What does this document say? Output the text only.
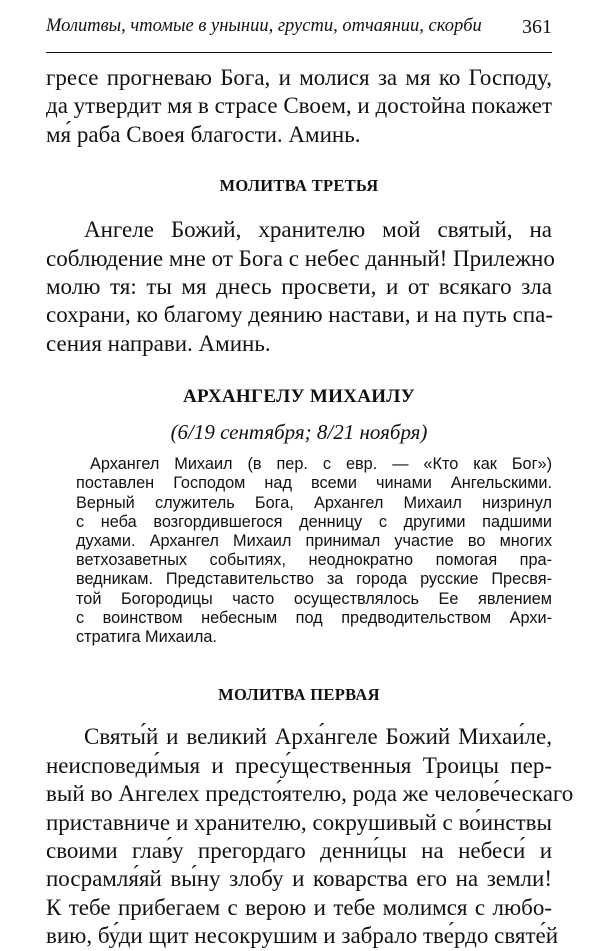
Молитвы, чтомые в унынии, грусти, отчаянии, скорби 361

гресе прогневаю Бога, и молися за мя ко Господу,
да утвердит мя в страсе Своем, и достойна покажет
мя́ раба Своея благости. Аминь.

МОЛИТВА ТРЕТЬЯ

Ангеле Божий, хранителю мой святый, на
соблюдение мне от Бога с небес данный! Прилежно
молю тя: ты мя днесь просвети, и от всякаго зла
сохрани, ко благому деянию настави, и на путь спа-
сения направи. Аминь.

АРХАНГЕЛУ МИХАИЛУ

(6/19 сентября; 8/21 ноября)

Архангел Михаил (в пер. с евр. — «Кто как Бог»)
поставлен Господом над всеми чинами Ангельскими.
Верный служитель Бога, Архангел Михаил низринул
с неба возгордившегося денницу с другими падшими
духами. Архангел Михаил принимал участие во многих
ветхозаветных событиях, неоднократно помогая пра-
ведникам. Представительство за города русские Пресвя-
той Богородицы часто осуществлялось Ее явлением
с воинством небесным под предводительством Архи-
стратига Михаила.

МОЛИТВА ПЕРВАЯ

Святы́й и великий Арха́нгеле Божий Михаи́ле,
неисповеди́мыя и пресу́щественныя Троицы пер-
вый во Ангелех предсто́ятелю, рода же челове́ческаго
приставниче и хранителю, сокрушивый с во́инствы
своими глав́у прегордаго денни́цы на небеси́ и
посрамля́яй вы́ну злобу и коварства его на земли!
К тебе прибегаем с верою и тебе молимся с любо-
вию, бу́ди щит несокрушим и забрало тве́рдо святе́й
